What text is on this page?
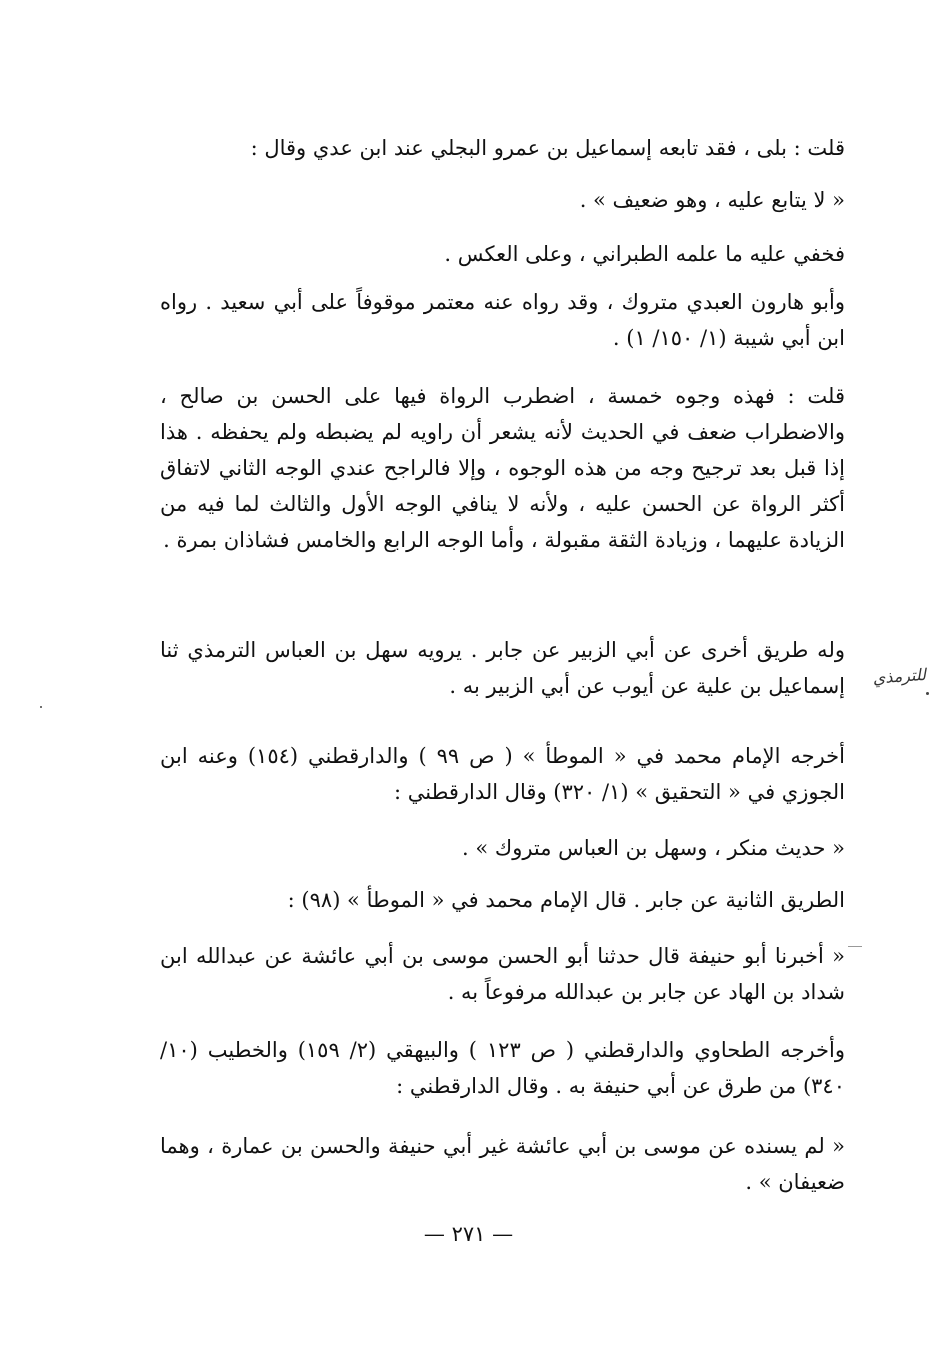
قلت : بلى ، فقد تابعه إسماعيل بن عمرو البجلي عند ابن عدي وقال :

« لا يتابع عليه ، وهو ضعيف » .

فخفي عليه ما علمه الطبراني ، وعلى العكس .

وأبو هارون العبدي متروك ، وقد رواه عنه معتمر موقوفاً على أبي سعيد . رواه ابن أبي شيبة (١/ ١٥٠/ ١) .

قلت : فهذه وجوه خمسة ، اضطرب الرواة فيها على الحسن بن صالح ، والاضطراب ضعف في الحديث لأنه يشعر أن راويه لم يضبطه ولم يحفظه . هذا إذا قبل بعد ترجيح وجه من هذه الوجوه ، وإلا فالراجح عندي الوجه الثاني لاتفاق أكثر الرواة عن الحسن عليه ، ولأنه لا ينافي الوجه الأول والثالث لما فيه من الزيادة عليهما ، وزيادة الثقة مقبولة ، وأما الوجه الرابع والخامس فشاذان بمرة .

وله طريق أخرى عن أبي الزبير عن جابر . يرويه سهل بن العباس الترمذي ثنا إسماعيل بن علية عن أيوب عن أبي الزبير به .

أخرجه الإمام محمد في « الموطأ » ( ص ٩٩ ) والدارقطني (١٥٤) وعنه ابن الجوزي في « التحقيق » (١/ ٣٢٠) وقال الدارقطني :

« حديث منكر ، وسهل بن العباس متروك » .

الطريق الثانية عن جابر . قال الإمام محمد في « الموطأ » (٩٨) :

« أخبرنا أبو حنيفة قال حدثنا أبو الحسن موسى بن أبي عائشة عن عبدالله ابن شداد بن الهاد عن جابر بن عبدالله مرفوعاً به .

وأخرجه الطحاوي والدارقطني ( ص ١٢٣ ) والبيهقي (٢/ ١٥٩) والخطيب (١٠/ ٣٤٠) من طرق عن أبي حنيفة به . وقال الدارقطني :

« لم يسنده عن موسى بن أبي عائشة غير أبي حنيفة والحسن بن عمارة ، وهما ضعيفان » .

للترمذي
— ٢٧١ —
